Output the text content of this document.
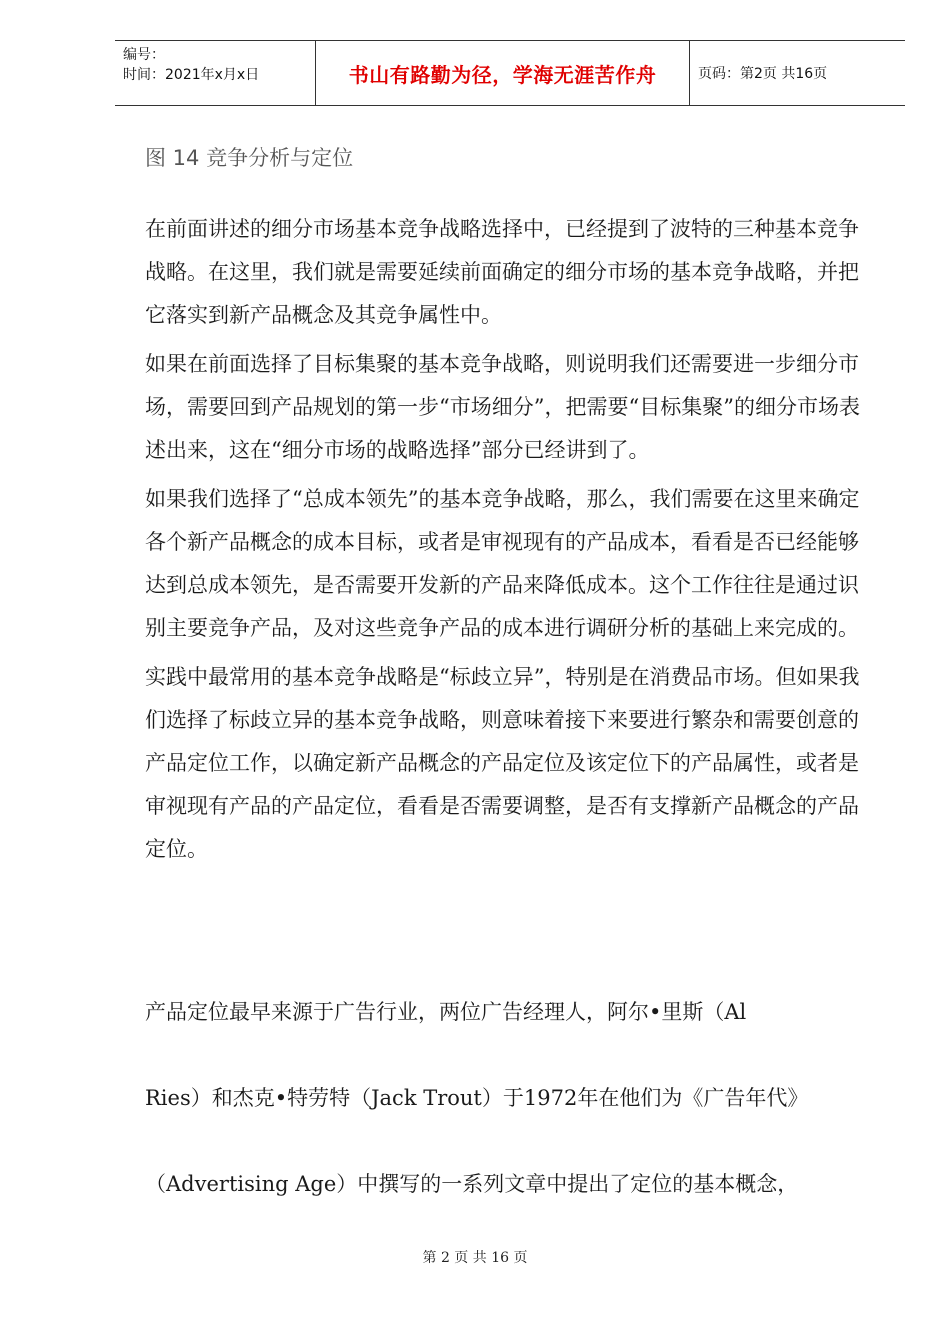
编号：
时间：2021年x月x日	书山有路勤为径，学海无涯苦作舟	页码：第2页 共16页
图 14 竞争分析与定位

在前面讲述的细分市场基本竞争战略选择中，已经提到了波特的三种基本竞争战略。在这里，我们就是需要延续前面确定的细分市场的基本竞争战略，并把它落实到新产品概念及其竞争属性中。

如果在前面选择了目标集聚的基本竞争战略，则说明我们还需要进一步细分市场，需要回到产品规划的第一步“市场细分”，把需要“目标集聚”的细分市场表述出来，这在“细分市场的战略选择”部分已经讲到了。

如果我们选择了“总成本领先”的基本竞争战略，那么，我们需要在这里来确定各个新产品概念的成本目标，或者是审视现有的产品成本，看看是否已经能够达到总成本领先，是否需要开发新的产品来降低成本。这个工作往往是通过识别主要竞争产品，及对这些竞争产品的成本进行调研分析的基础上来完成的。

实践中最常用的基本竞争战略是“标歧立异”，特别是在消费品市场。但如果我们选择了标歧立异的基本竞争战略，则意味着接下来要进行繁杂和需要创意的产品定位工作，以确定新产品概念的产品定位及该定位下的产品属性，或者是审视现有产品的产品定位，看看是否需要调整，是否有支撑新产品概念的产品定位。

产品定位最早来源于广告行业，两位广告经理人，阿尔•里斯（Al
Ries）和杰克•特劳特（Jack Trout）于1972年在他们为《广告年代》
（Advertising Age）中撰写的一系列文章中提出了定位的基本概念，
第 2 页 共 16 页
